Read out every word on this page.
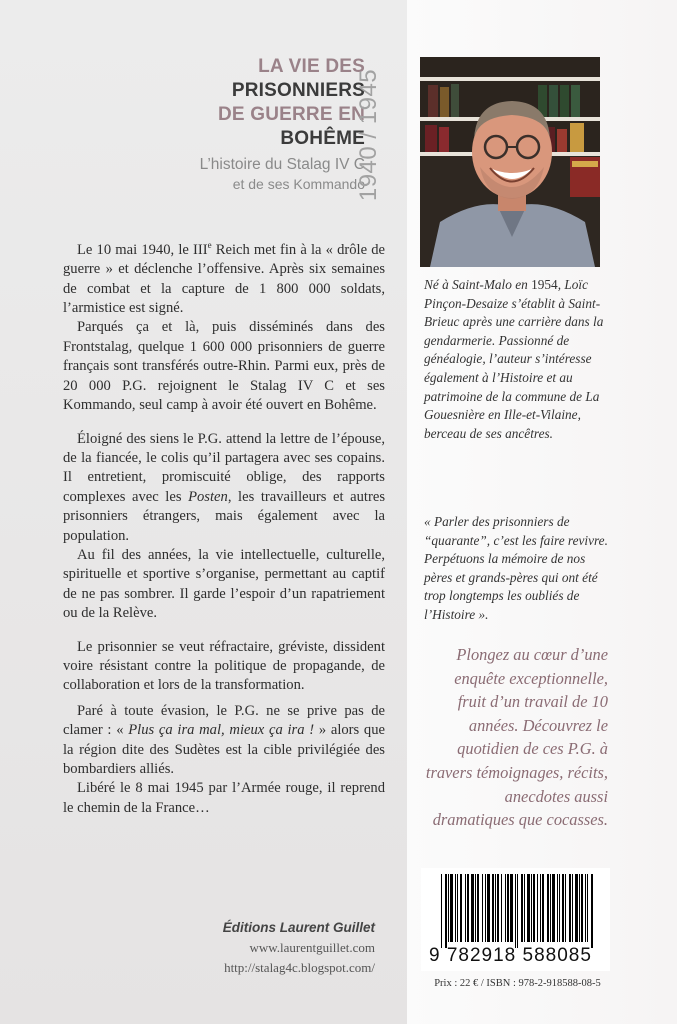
LA VIE DES
PRISONNIERS
DE GUERRE EN
BOHÊME
L’histoire du Stalag IV C
et de ses Kommando
1940 / 1945

Le 10 mai 1940, le IIIe Reich met fin à la « drôle de guerre » et déclenche l’offensive. Après six semaines de combat et la capture de 1 800 000 soldats, l’armistice est signé.

Parqués ça et là, puis disséminés dans des Frontstalag, quelque 1 600 000 prisonniers de guerre français sont transférés outre-Rhin. Parmi eux, près de 20 000 P.G. rejoignent le Stalag IV C et ses Kommando, seul camp à avoir été ouvert en Bohême.

Éloigné des siens le P.G. attend la lettre de l’épouse, de la fiancée, le colis qu’il partagera avec ses copains. Il entretient, promiscuité oblige, des rapports complexes avec les Posten, les travailleurs et autres prisonniers étrangers, mais également avec la population.

Au fil des années, la vie intellectuelle, culturelle, spirituelle et sportive s’organise, permettant au captif de ne pas sombrer. Il garde l’espoir d’un rapatriement ou de la Relève.

Le prisonnier se veut réfractaire, gréviste, dissident voire résistant contre la politique de propagande, de collaboration et lors de la transformation.

Paré à toute évasion, le P.G. ne se prive pas de clamer : « Plus ça ira mal, mieux ça ira ! » alors que la région dite des Sudètes est la cible privilégiée des bombardiers alliés.

Libéré le 8 mai 1945 par l’Armée rouge, il reprend le chemin de la France…

Éditions Laurent Guillet
www.laurentguillet.com
http://stalag4c.blogspot.com/
Né à Saint-Malo en 1954, Loïc Pinçon-Desaize s’établit à Saint-Brieuc après une carrière dans la gendarmerie. Passionné de généalogie, l’auteur s’intéresse également à l’Histoire et au patrimoine de la commune de La Gouesnière en Ille-et-Vilaine, berceau de ses ancêtres.
« Parler des prisonniers de “quarante”, c’est les faire revivre. Perpétuons la mémoire de nos pères et grands-pères qui ont été trop longtemps les oubliés de l’Histoire ».
Plongez au cœur d’une enquête exceptionnelle, fruit d’un travail de 10 années. Découvrez le quotidien de ces P.G. à travers témoignages, récits, anecdotes aussi dramatiques que cocasses.
9 782918 588085
Prix : 22 € / ISBN : 978-2-918588-08-5
